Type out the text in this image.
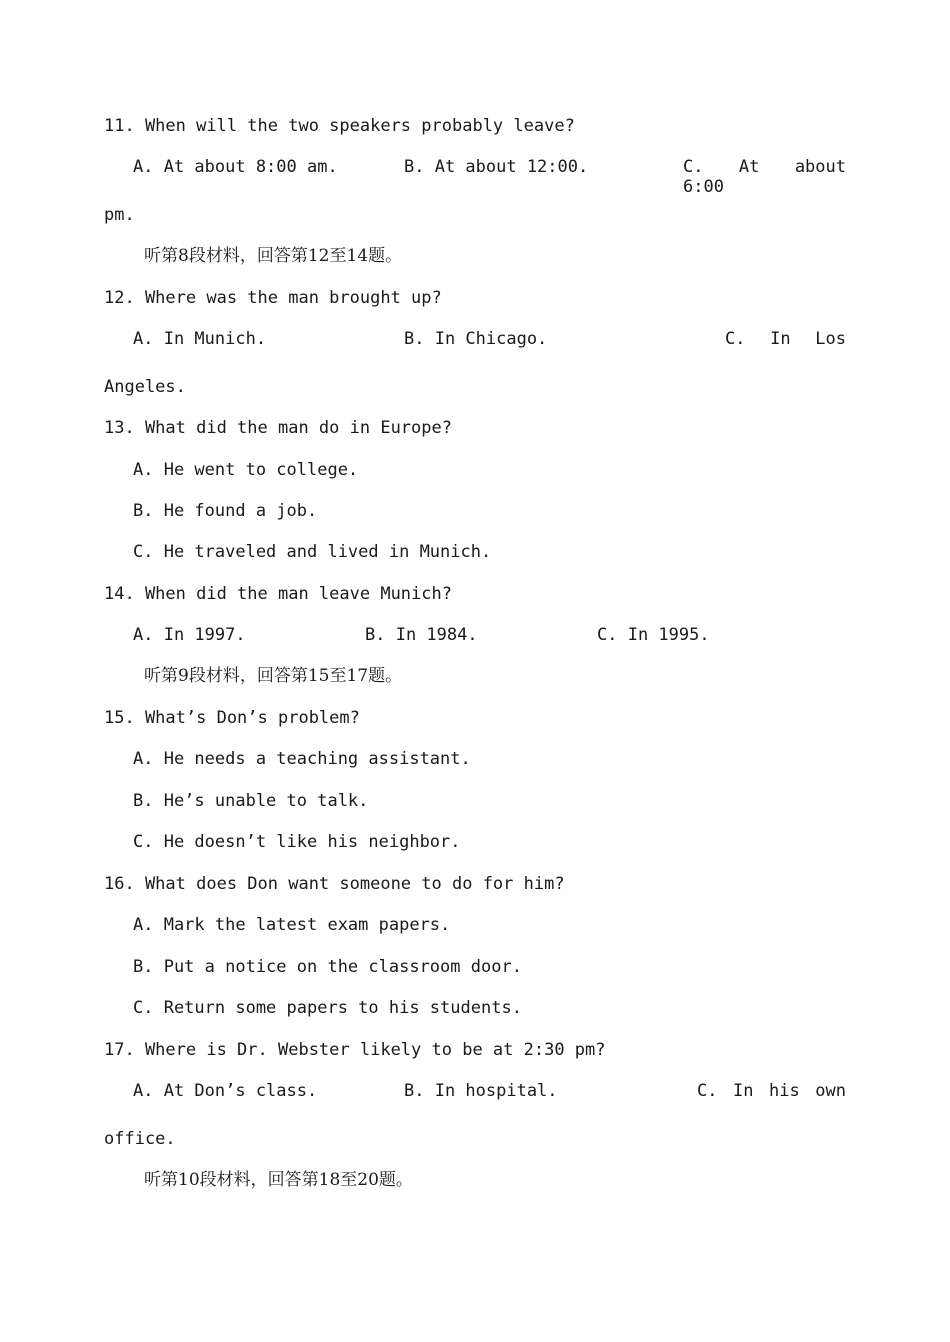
11. When will the two speakers probably leave?
A. At about 8:00 am.	B. At about 12:00.	C. At about 6:00
pm.
听第8段材料，回答第12至14题。
12. Where was the man brought up?
A. In Munich.	B. In Chicago.	C. In Los
Angeles.
13. What did the man do in Europe?
A. He went to college.
B. He found a job.
C. He traveled and lived in Munich.
14. When did the man leave Munich?
A. In 1997.	B. In 1984.	C. In 1995.
听第9段材料，回答第15至17题。
15. What’s Don’s problem?
A. He needs a teaching assistant.
B. He’s unable to talk.
C. He doesn’t like his neighbor.
16. What does Don want someone to do for him?
A. Mark the latest exam papers.
B. Put a notice on the classroom door.
C. Return some papers to his students.
17. Where is Dr. Webster likely to be at 2:30 pm?
A. At Don’s class.	B. In hospital.	C. In his own
office.
听第10段材料，回答第18至20题。
